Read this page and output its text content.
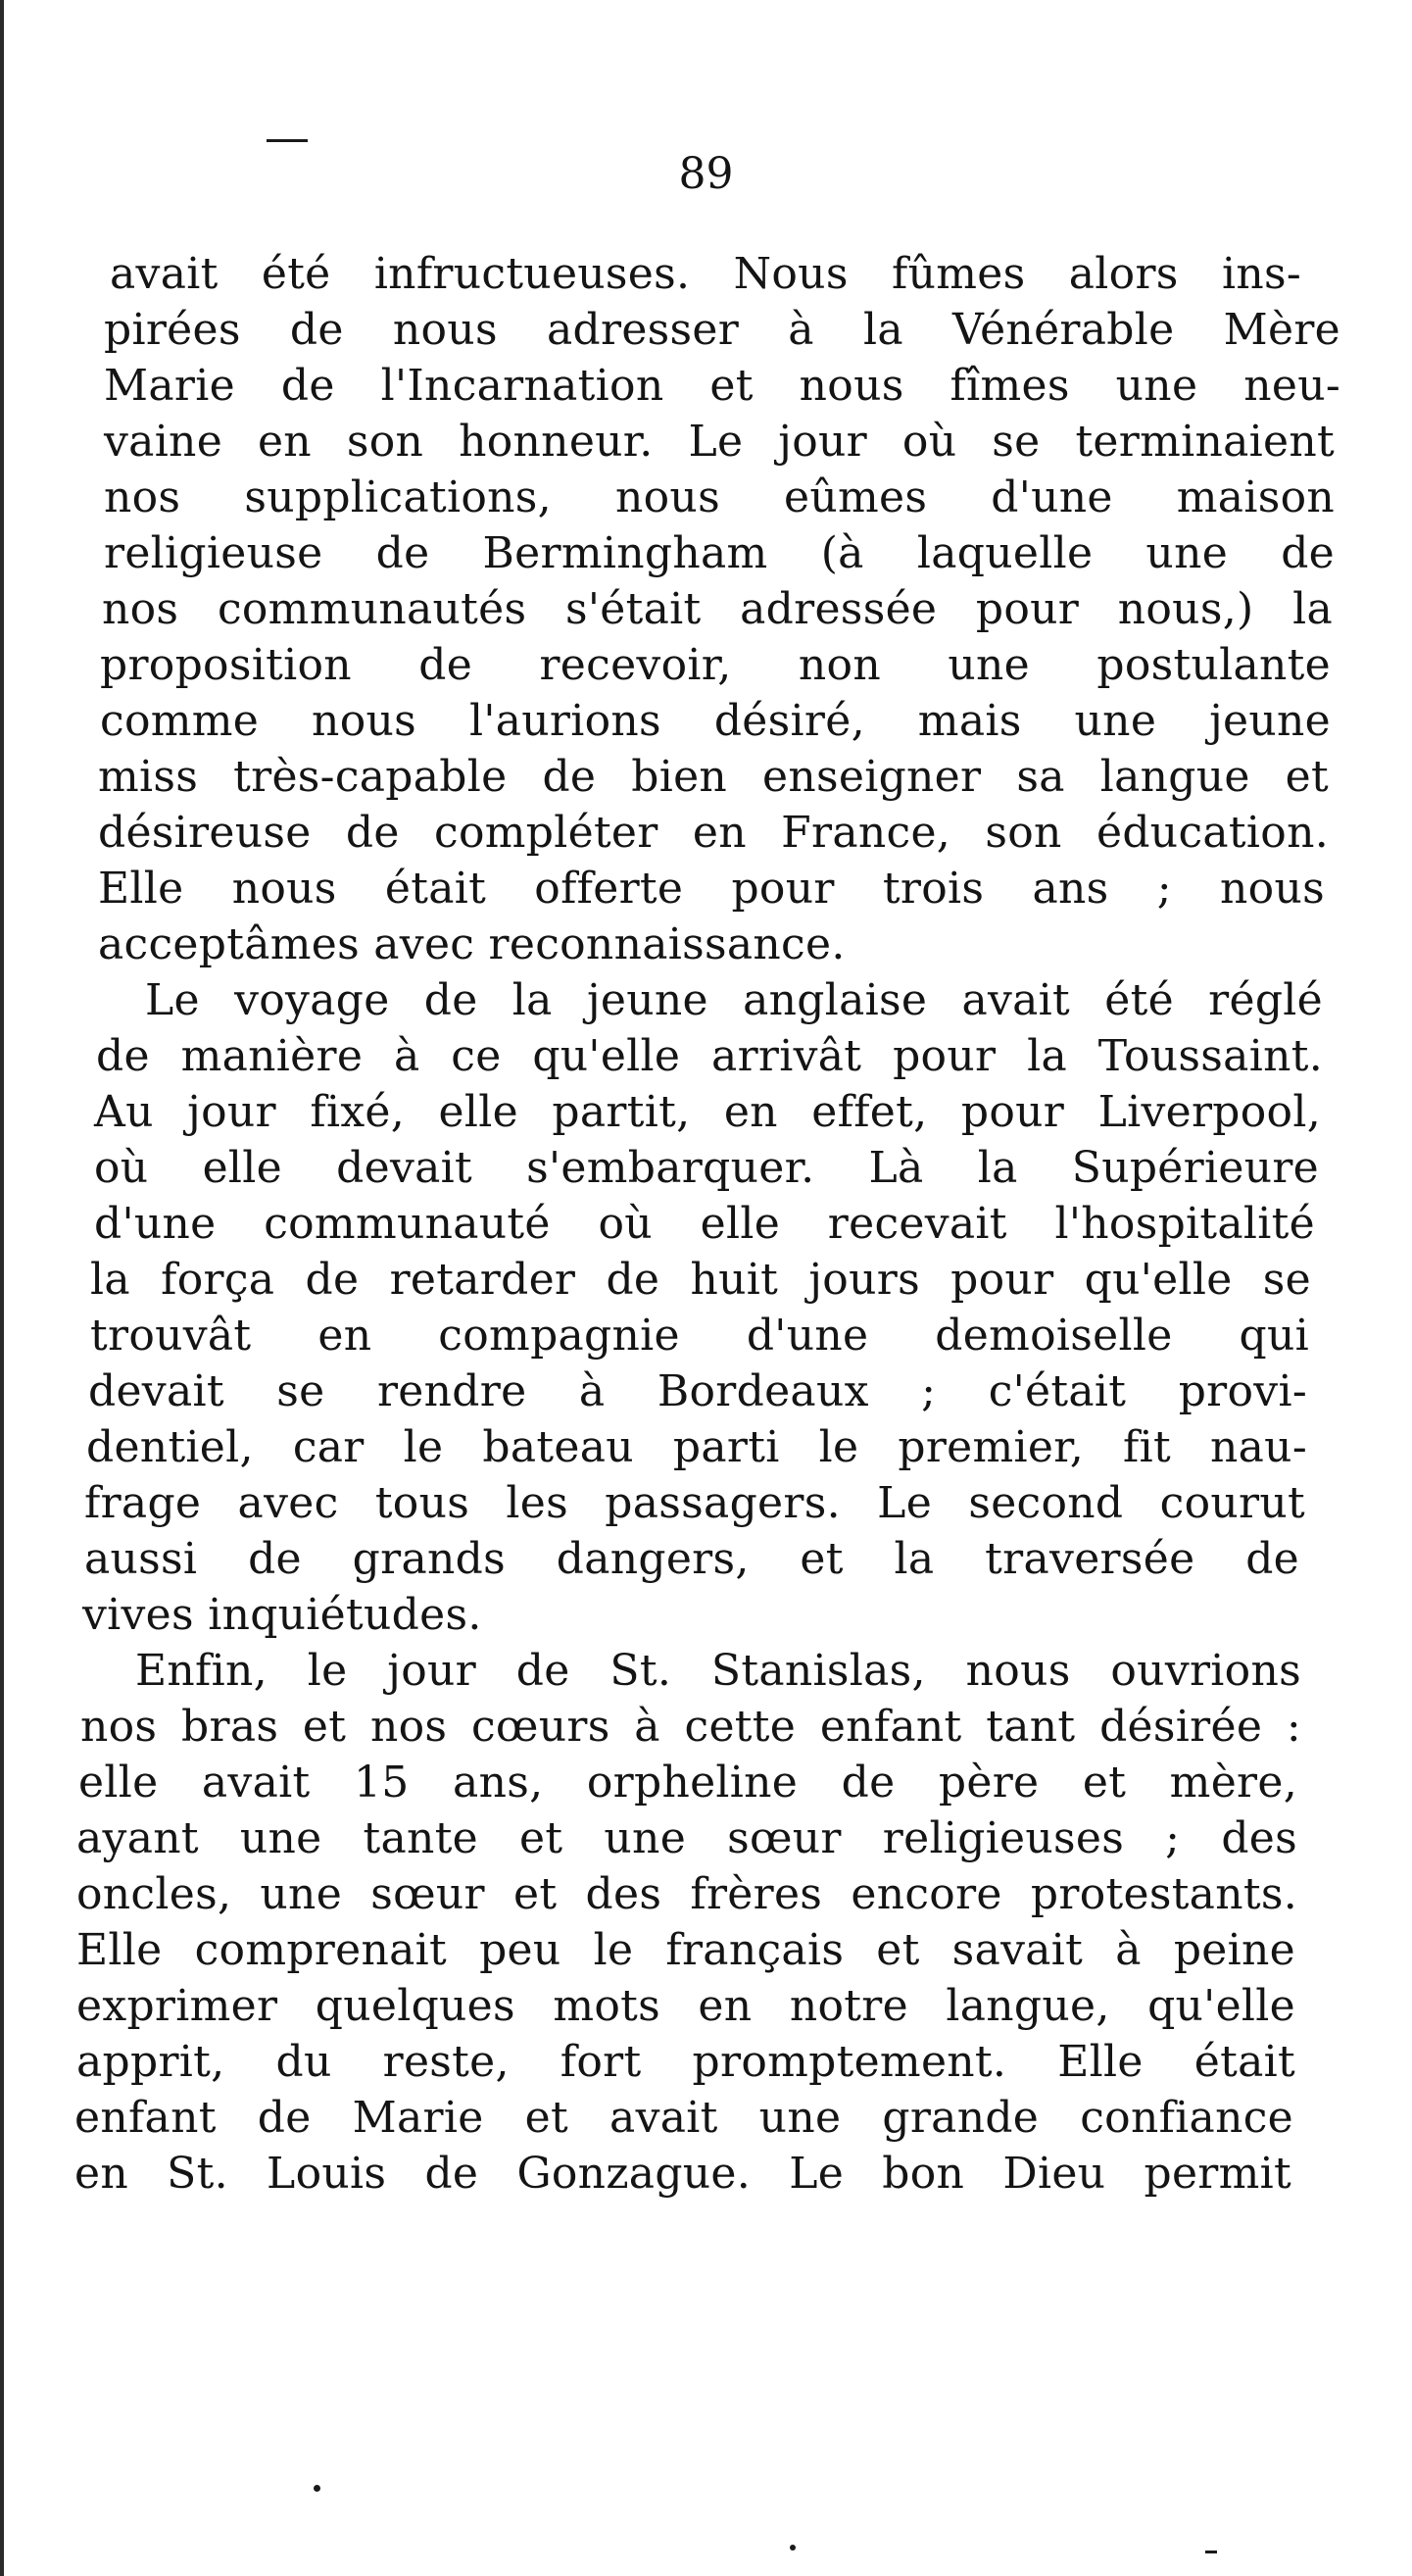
89
avait été infructueuses. Nous fûmes alors ins-
pirées de nous adresser à la Vénérable Mère
Marie de l'Incarnation et nous fîmes une neu-
vaine en son honneur. Le jour où se terminaient
nos supplications, nous eûmes d'une maison
religieuse de Bermingham (à laquelle une de
nos communautés s'était adressée pour nous,) la
proposition de recevoir, non une postulante
comme nous l'aurions désiré, mais une jeune
miss très-capable de bien enseigner sa langue et
désireuse de compléter en France, son éducation.
Elle nous était offerte pour trois ans ; nous
acceptâmes avec reconnaissance.
Le voyage de la jeune anglaise avait été réglé
de manière à ce qu'elle arrivât pour la Toussaint.
Au jour fixé, elle partit, en effet, pour Liverpool,
où elle devait s'embarquer. Là la Supérieure
d'une communauté où elle recevait l'hospitalité
la força de retarder de huit jours pour qu'elle se
trouvât en compagnie d'une demoiselle qui
devait se rendre à Bordeaux ; c'était provi-
dentiel, car le bateau parti le premier, fit nau-
frage avec tous les passagers. Le second courut
aussi de grands dangers, et la traversée de
vives inquiétudes.
Enfin, le jour de St. Stanislas, nous ouvrions
nos bras et nos cœurs à cette enfant tant désirée :
elle avait 15 ans, orpheline de père et mère,
ayant une tante et une sœur religieuses ; des
oncles, une sœur et des frères encore protestants.
Elle comprenait peu le français et savait à peine
exprimer quelques mots en notre langue, qu'elle
apprit, du reste, fort promptement. Elle était
enfant de Marie et avait une grande confiance
en St. Louis de Gonzague. Le bon Dieu permit
